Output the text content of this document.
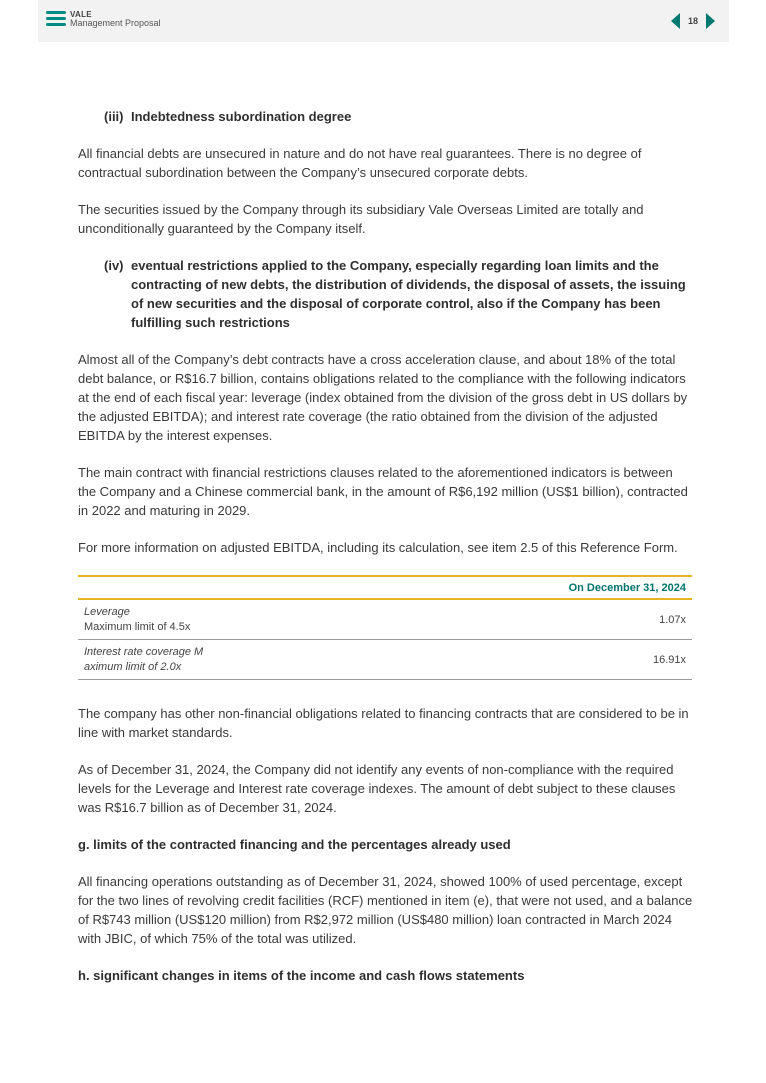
VALE
Management Proposal	18
(iii) Indebtedness subordination degree

All financial debts are unsecured in nature and do not have real guarantees. There is no degree of contractual subordination between the Company’s unsecured corporate debts.

The securities issued by the Company through its subsidiary Vale Overseas Limited are totally and unconditionally guaranteed by the Company itself.

(iv) eventual restrictions applied to the Company, especially regarding loan limits and the contracting of new debts, the distribution of dividends, the disposal of assets, the issuing of new securities and the disposal of corporate control, also if the Company has been fulfilling such restrictions

Almost all of the Company’s debt contracts have a cross acceleration clause, and about 18% of the total debt balance, or R$16.7 billion, contains obligations related to the compliance with the following indicators at the end of each fiscal year: leverage (index obtained from the division of the gross debt in US dollars by the adjusted EBITDA); and interest rate coverage (the ratio obtained from the division of the adjusted EBITDA by the interest expenses.

The main contract with financial restrictions clauses related to the aforementioned indicators is between the Company and a Chinese commercial bank, in the amount of R$6,192 million (US$1 billion), contracted in 2022 and maturing in 2029.

For more information on adjusted EBITDA, including its calculation, see item 2.5 of this Reference Form.

On December 31, 2024
Leverage
Maximum limit of 4.5x
1.07x
Interest rate coverage M
aximum limit of 2.0x
16.91x

The company has other non-financial obligations related to financing contracts that are considered to be in line with market standards.

As of December 31, 2024, the Company did not identify any events of non-compliance with the required levels for the Leverage and Interest rate coverage indexes. The amount of debt subject to these clauses was R$16.7 billion as of December 31, 2024.

g. limits of the contracted financing and the percentages already used

All financing operations outstanding as of December 31, 2024, showed 100% of used percentage, except for the two lines of revolving credit facilities (RCF) mentioned in item (e), that were not used, and a balance of R$743 million (US$120 million) from R$2,972 million (US$480 million) loan contracted in March 2024 with JBIC, of which 75% of the total was utilized.

h. significant changes in items of the income and cash flows statements
